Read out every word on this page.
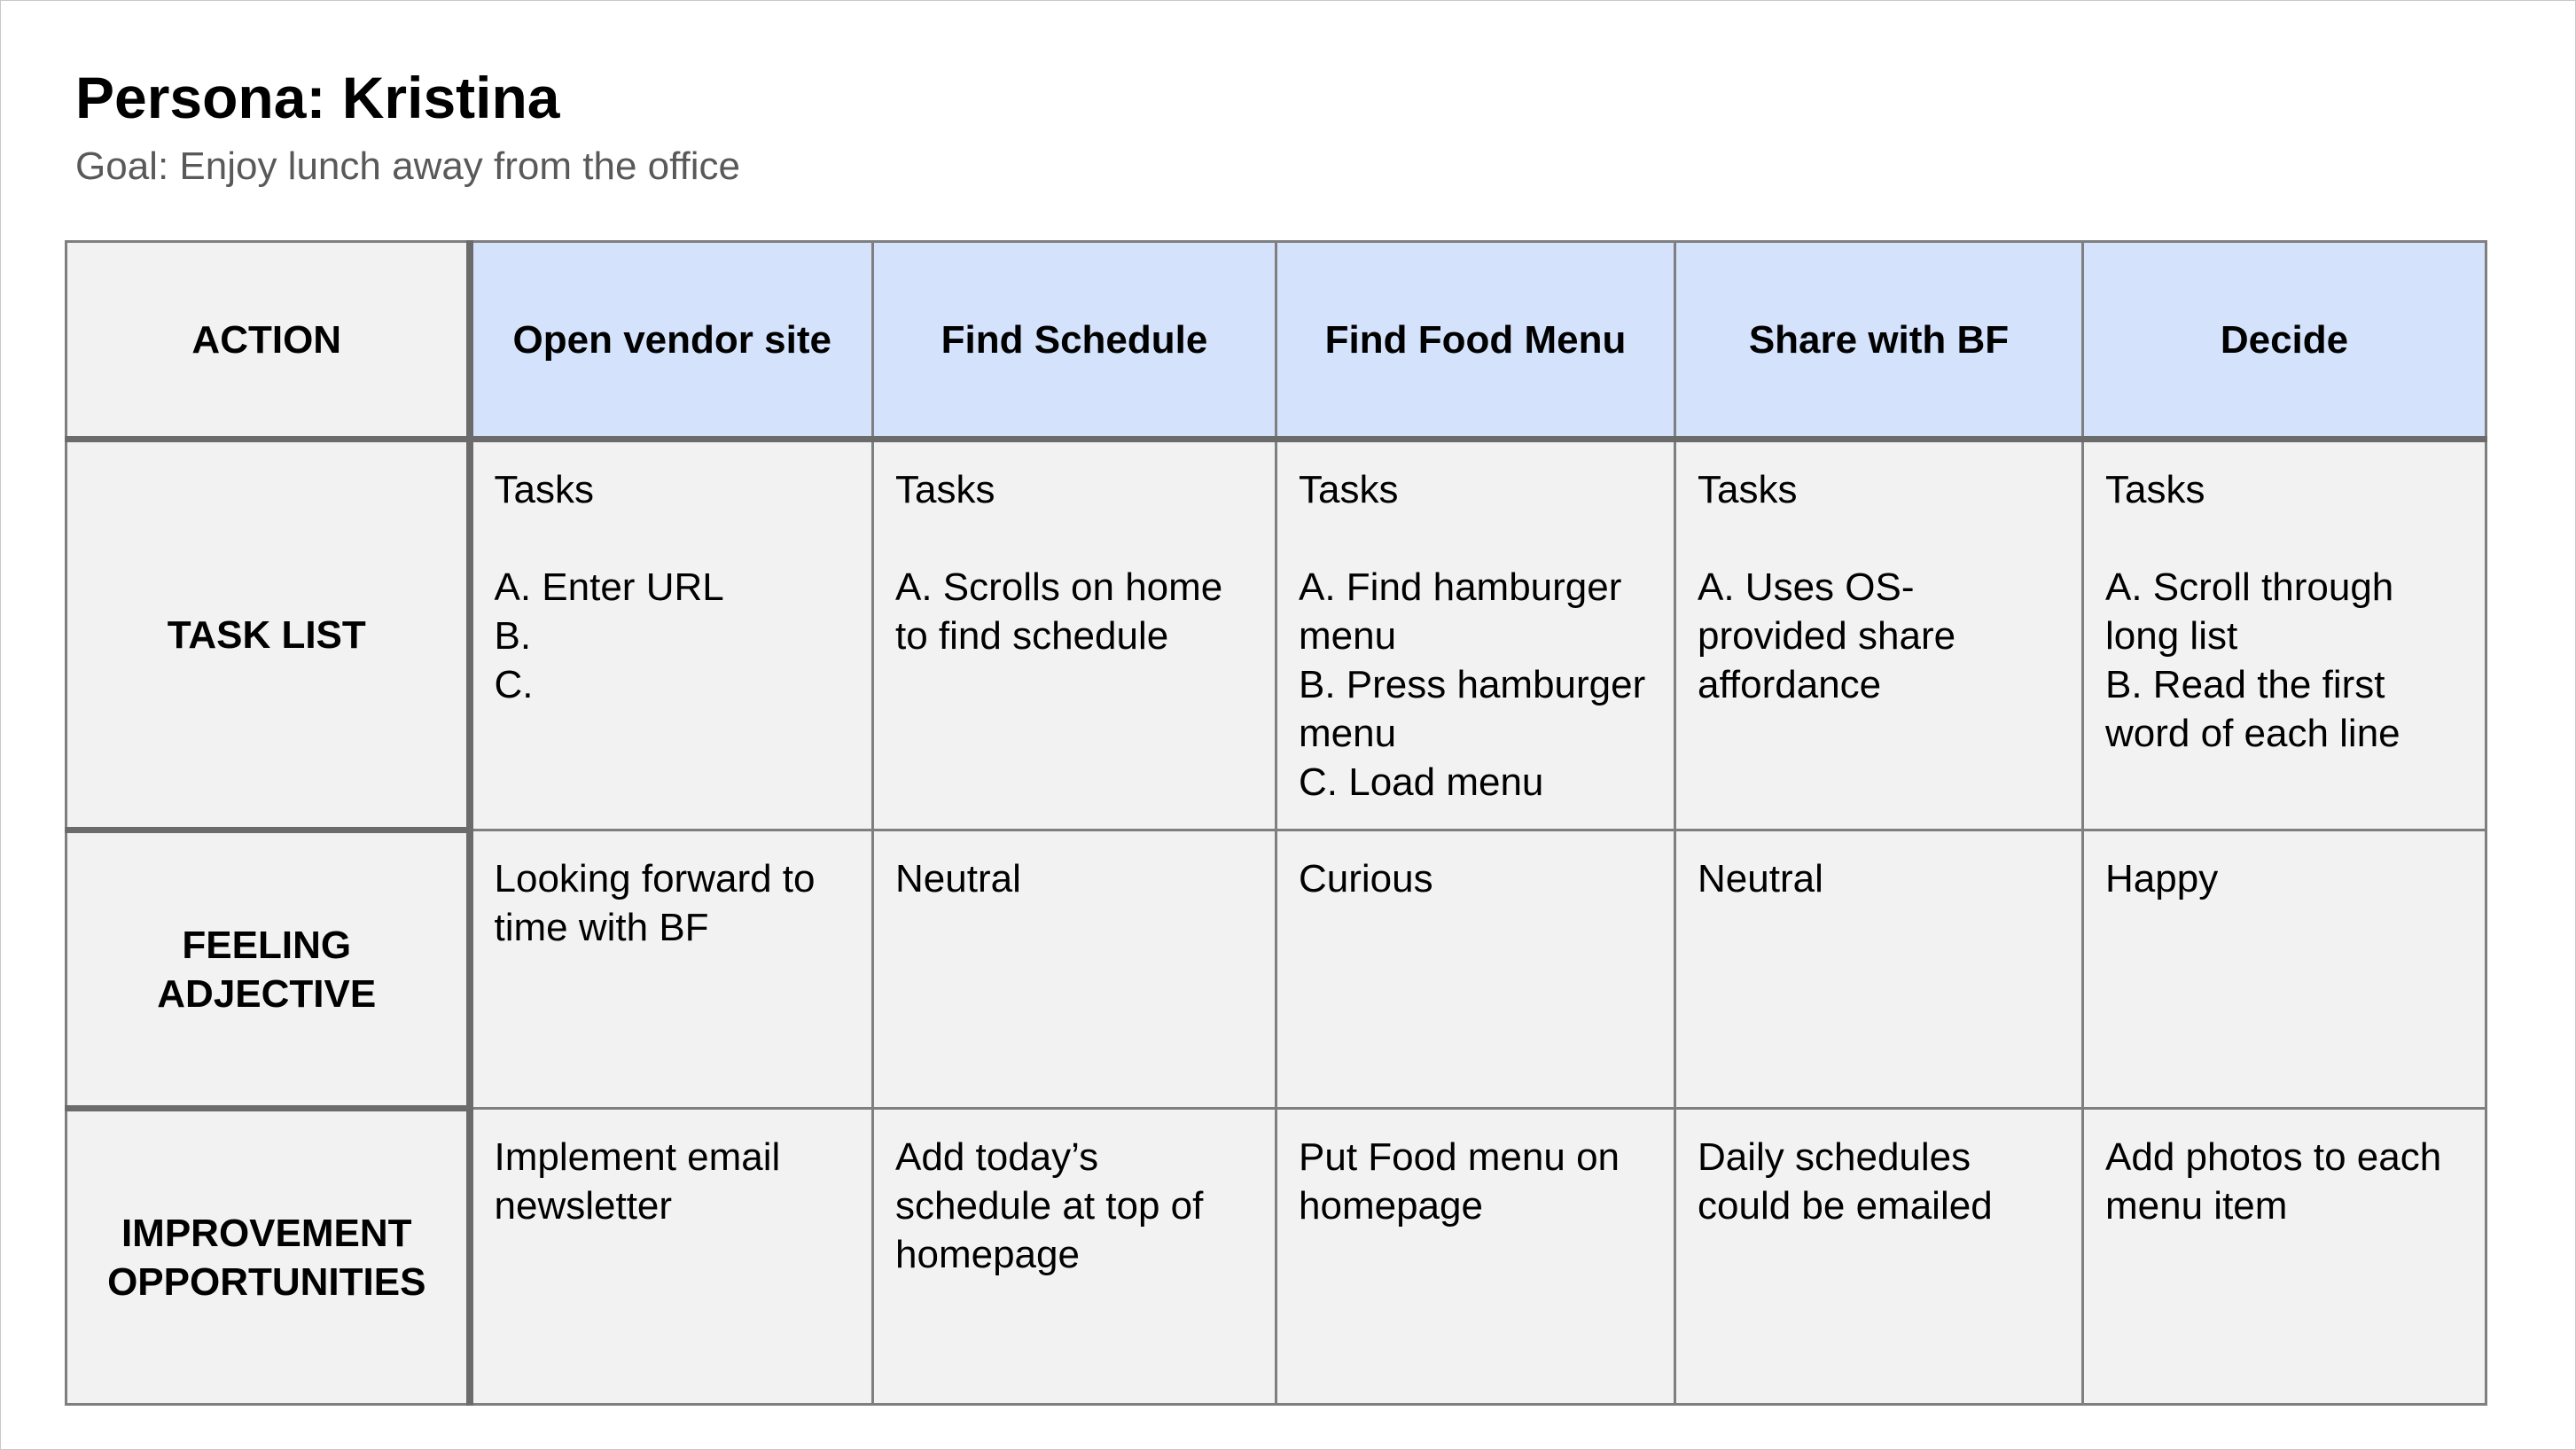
Persona: Kristina
Goal: Enjoy lunch away from the office
ACTION	Open vendor site	Find Schedule	Find Food Menu	Share with BF	Decide
TASK LIST	Tasks

A. Enter URL
B.
C.	Tasks

A. Scrolls on home to find schedule	Tasks

A. Find hamburger menu
B. Press hamburger menu
C. Load menu	Tasks

A. Uses OS-provided share affordance	Tasks

A. Scroll through long list
B. Read the first word of each line
FEELING
ADJECTIVE	Looking forward to time with BF	Neutral	Curious	Neutral	Happy
IMPROVEMENT
OPPORTUNITIES	Implement email newsletter	Add today’s schedule at top of homepage	Put Food menu on homepage	Daily schedules could be emailed	Add photos to each menu item
